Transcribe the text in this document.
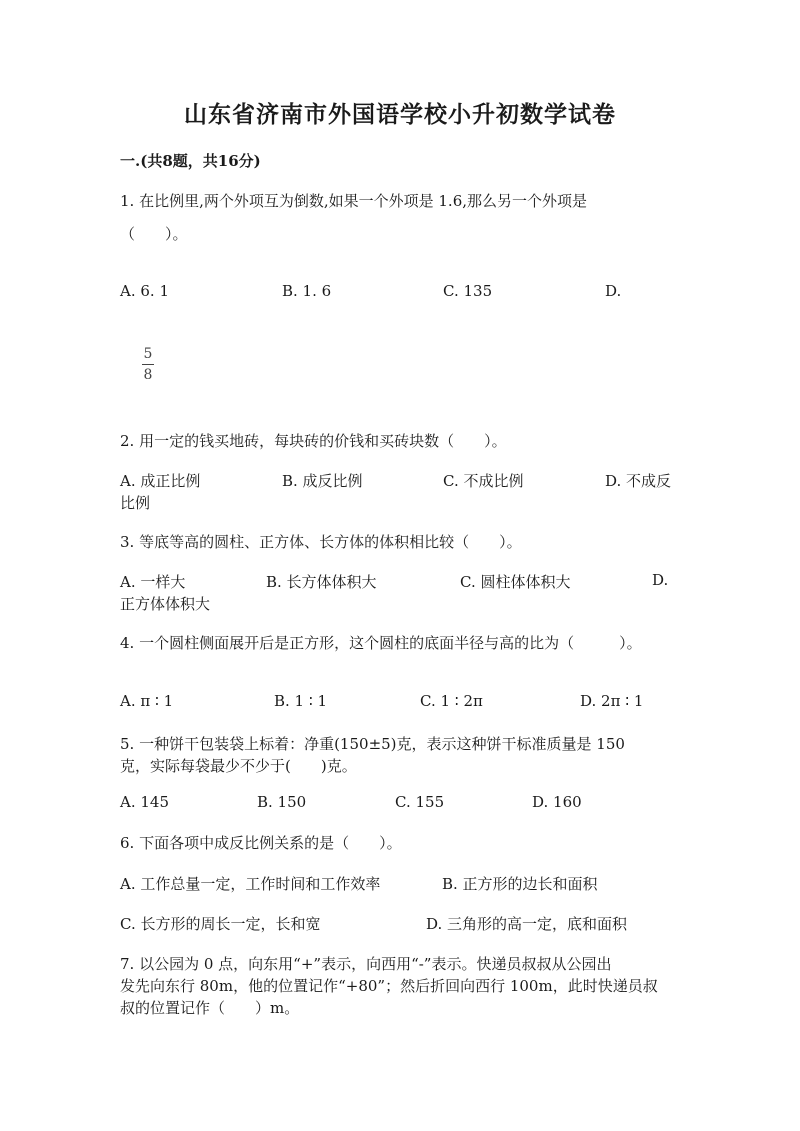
山东省济南市外国语学校小升初数学试卷
一.(共8题，共16分)
1. 在比例里,两个外项互为倒数,如果一个外项是 1.6,那么另一个外项是
（　　）。
A. 6. 1	B. 1. 6	C. 135	D.
5
8
2. 用一定的钱买地砖，每块砖的价钱和买砖块数（　　）。
A. 成正比例	B. 成反比例	C. 不成比例	D. 不成反
比例
3. 等底等高的圆柱、正方体、长方体的体积相比较（　　）。
A. 一样大	B. 长方体体积大	C. 圆柱体体积大	D.
正方体体积大
4. 一个圆柱侧面展开后是正方形，这个圆柱的底面半径与高的比为（　　　）。
A. π ∶ 1	B. 1 ∶ 1	C. 1 ∶ 2π	D. 2π ∶ 1
5. 一种饼干包装袋上标着：净重(150±5)克，表示这种饼干标准质量是 150
克，实际每袋最少不少于(　　)克。
A. 145	B. 150	C. 155	D. 160
6. 下面各项中成反比例关系的是（　　）。
A. 工作总量一定，工作时间和工作效率	B. 正方形的边长和面积
C. 长方形的周长一定，长和宽	D. 三角形的高一定，底和面积
7. 以公园为 0 点，向东用“+”表示，向西用“-”表示。快递员叔叔从公园出
发先向东行 80m，他的位置记作“+80”；然后折回向西行 100m，此时快递员叔
叔的位置记作（　　）m。
